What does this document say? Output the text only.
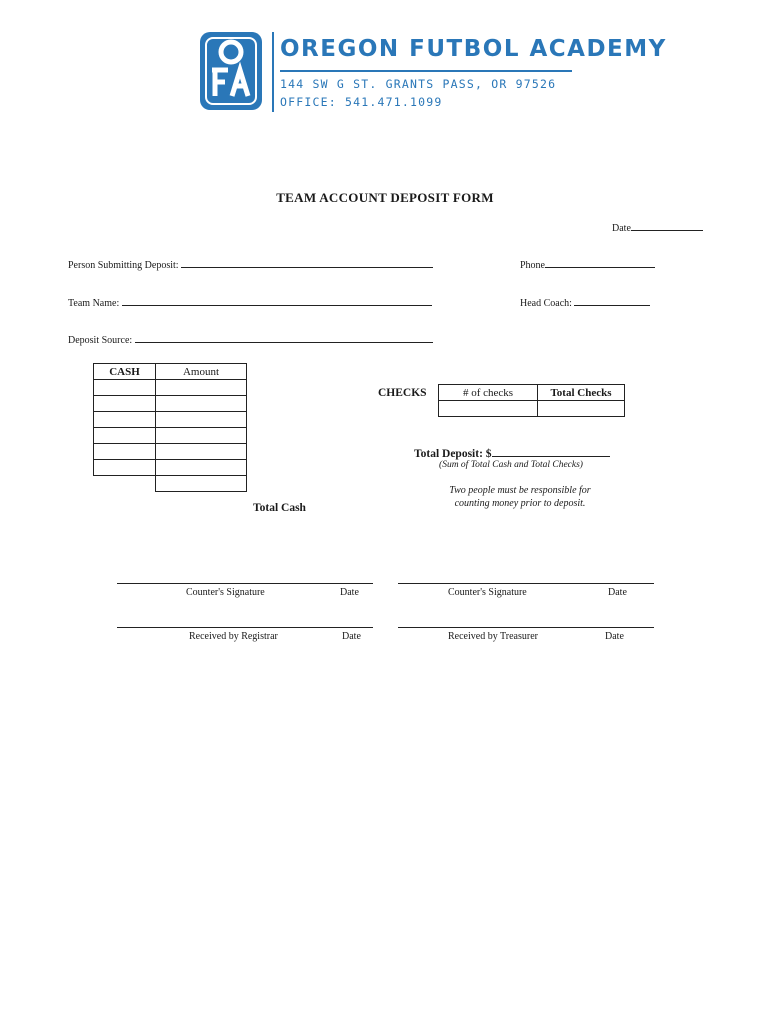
OREGON FUTBOL ACADEMY
144 SW G ST. GRANTS PASS, OR 97526
OFFICE: 541.471.1099
TEAM ACCOUNT DEPOSIT FORM
Date
Person Submitting Deposit:	Phone
Team Name:	Head Coach:
Deposit Source:
CASH	Amount

Total Cash
CHECKS	# of checks	Total Checks

Total Deposit: $
(Sum of Total Cash and Total Checks)
Two people must be responsible for
counting money prior to deposit.
Counter's Signature	Date	Counter's Signature	Date
Received by Registrar	Date	Received by Treasurer	Date
